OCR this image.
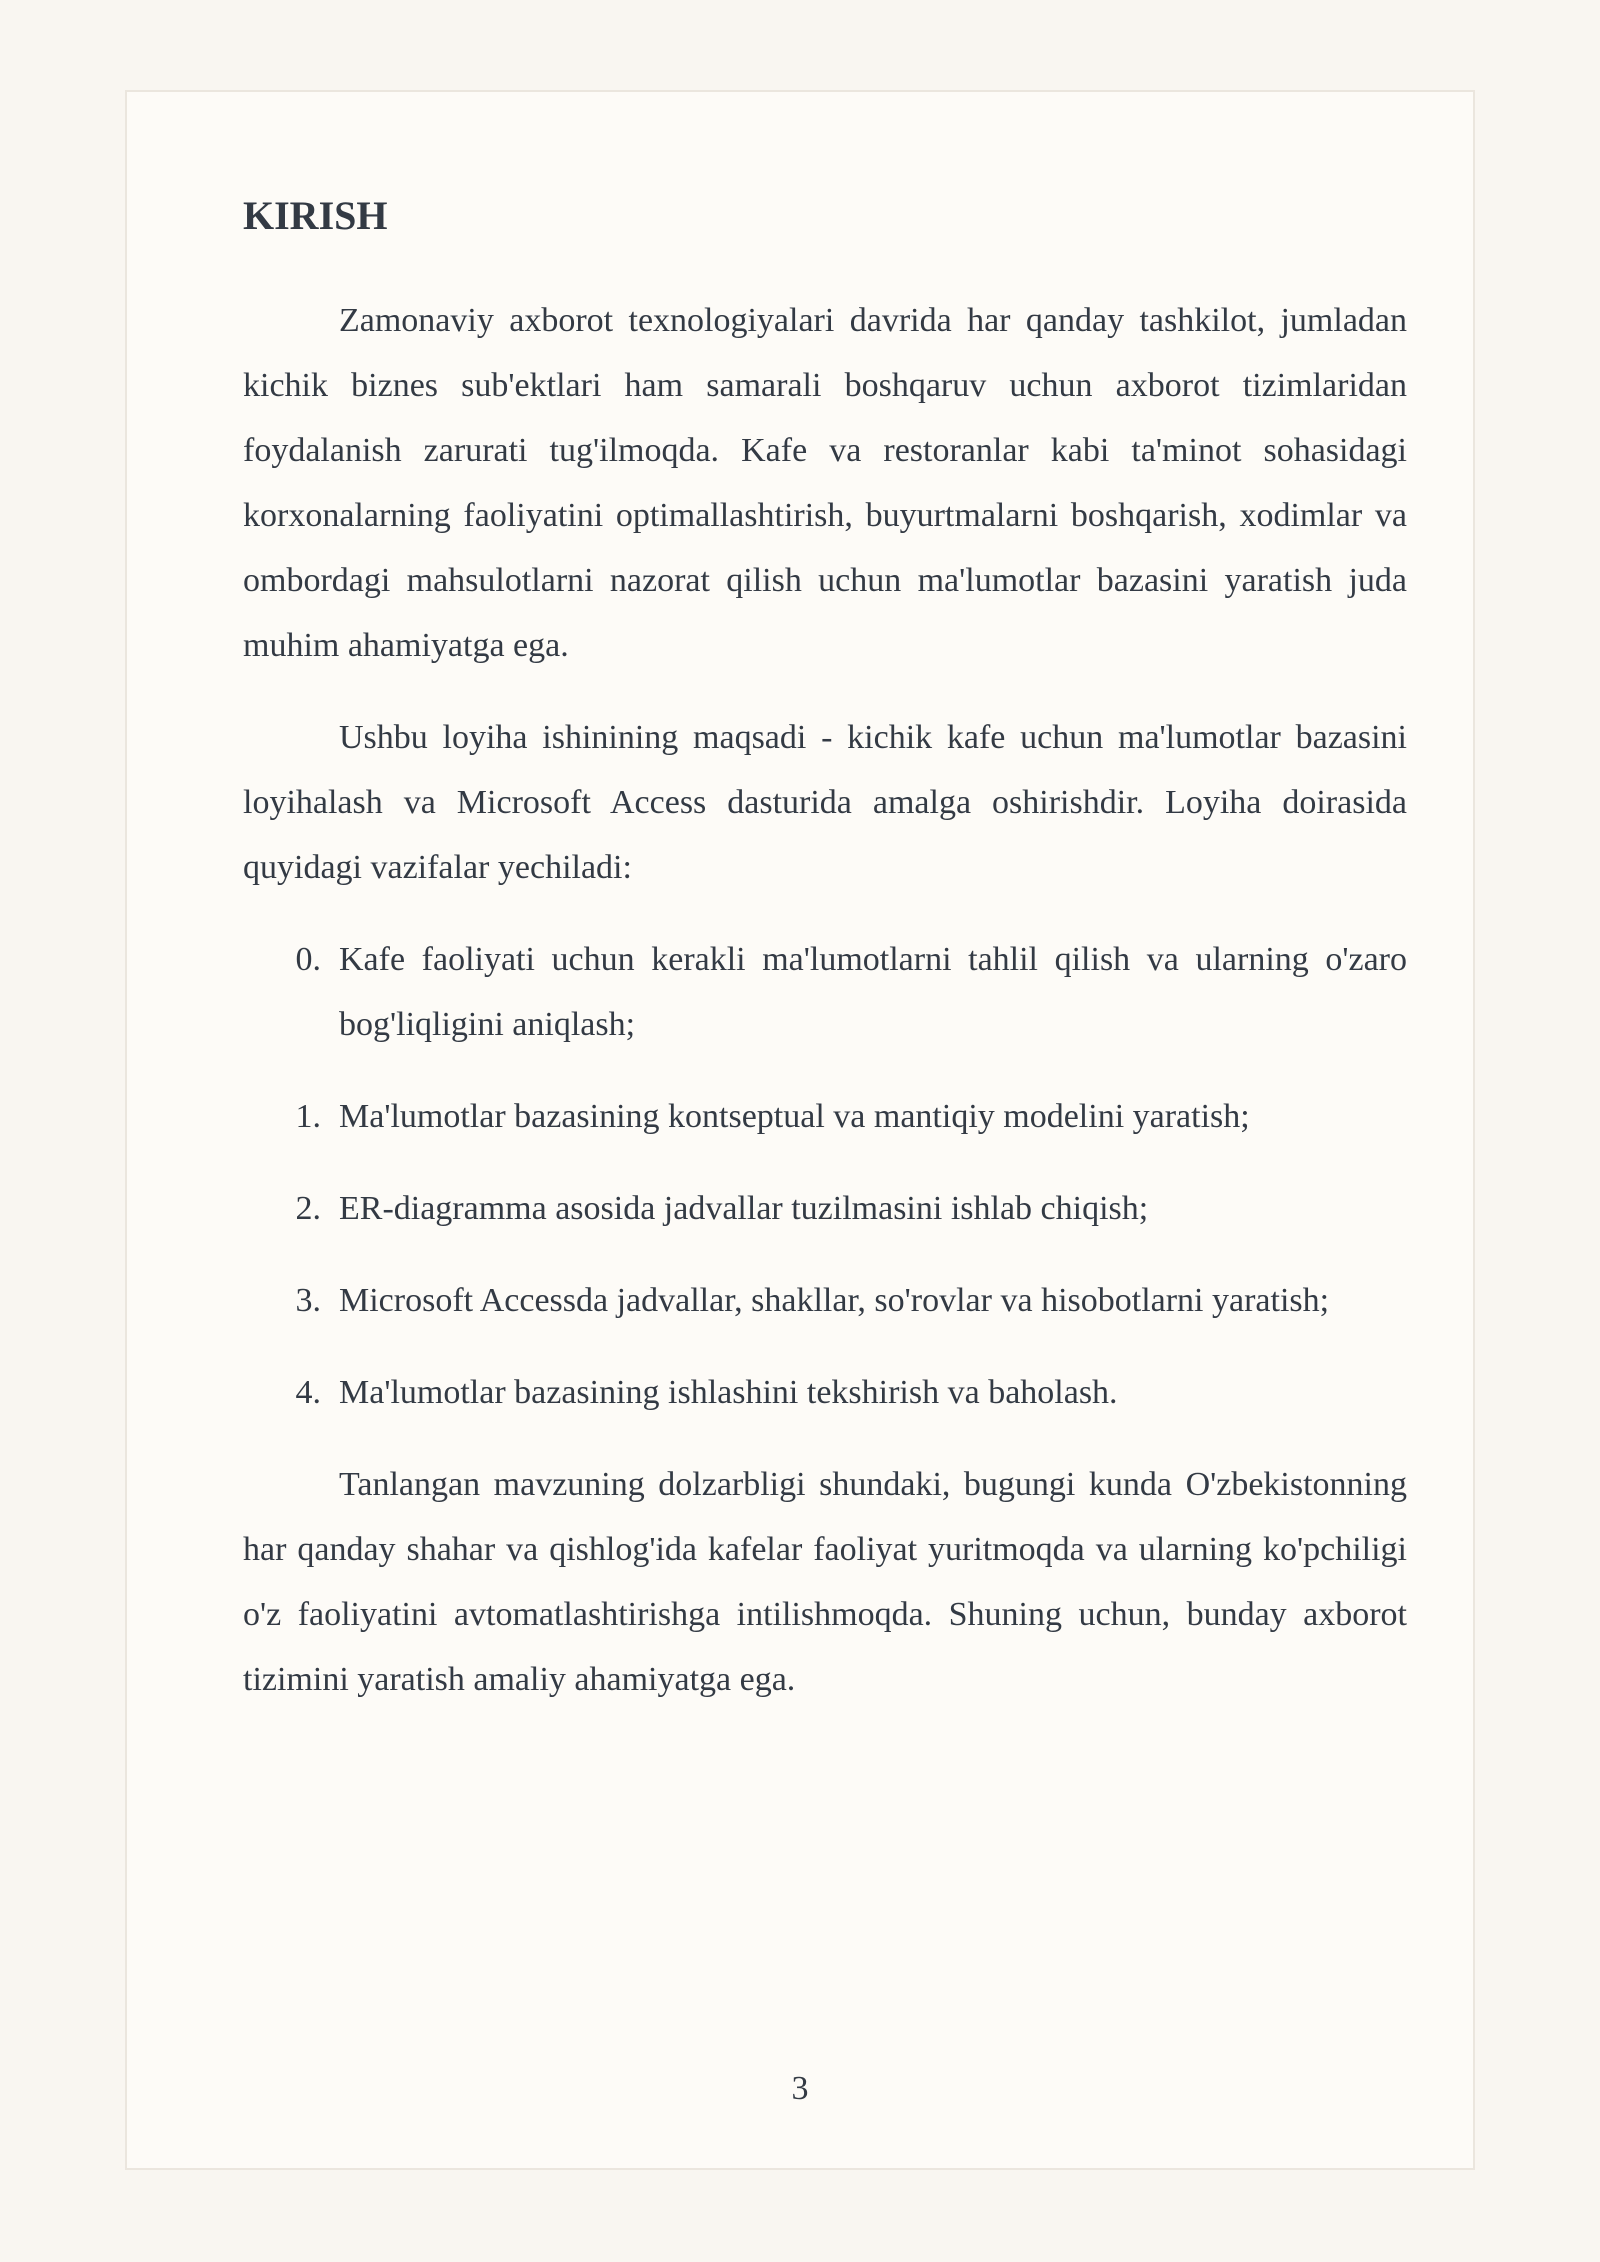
KIRISH

Zamonaviy axborot texnologiyalari davrida har qanday tashkilot, jumladan kichik biznes sub'ektlari ham samarali boshqaruv uchun axborot tizimlaridan foydalanish zarurati tug'ilmoqda. Kafe va restoranlar kabi ta'minot sohasidagi korxonalarning faoliyatini optimallashtirish, buyurtmalarni boshqarish, xodimlar va ombordagi mahsulotlarni nazorat qilish uchun ma'lumotlar bazasini yaratish juda muhim ahamiyatga ega.

Ushbu loyiha ishinining maqsadi - kichik kafe uchun ma'lumotlar bazasini loyihalash va Microsoft Access dasturida amalga oshirishdir. Loyiha doirasida quyidagi vazifalar yechiladi:

0. Kafe faoliyati uchun kerakli ma'lumotlarni tahlil qilish va ularning o'zaro bog'liqligini aniqlash;
1. Ma'lumotlar bazasining kontseptual va mantiqiy modelini yaratish;
2. ER-diagramma asosida jadvallar tuzilmasini ishlab chiqish;
3. Microsoft Accessda jadvallar, shakllar, so'rovlar va hisobotlarni yaratish;
4. Ma'lumotlar bazasining ishlashini tekshirish va baholash.

Tanlangan mavzuning dolzarbligi shundaki, bugungi kunda O'zbekistonning har qanday shahar va qishlog'ida kafelar faoliyat yuritmoqda va ularning ko'pchiligi o'z faoliyatini avtomatlashtirishga intilishmoqda. Shuning uchun, bunday axborot tizimini yaratish amaliy ahamiyatga ega.

3
